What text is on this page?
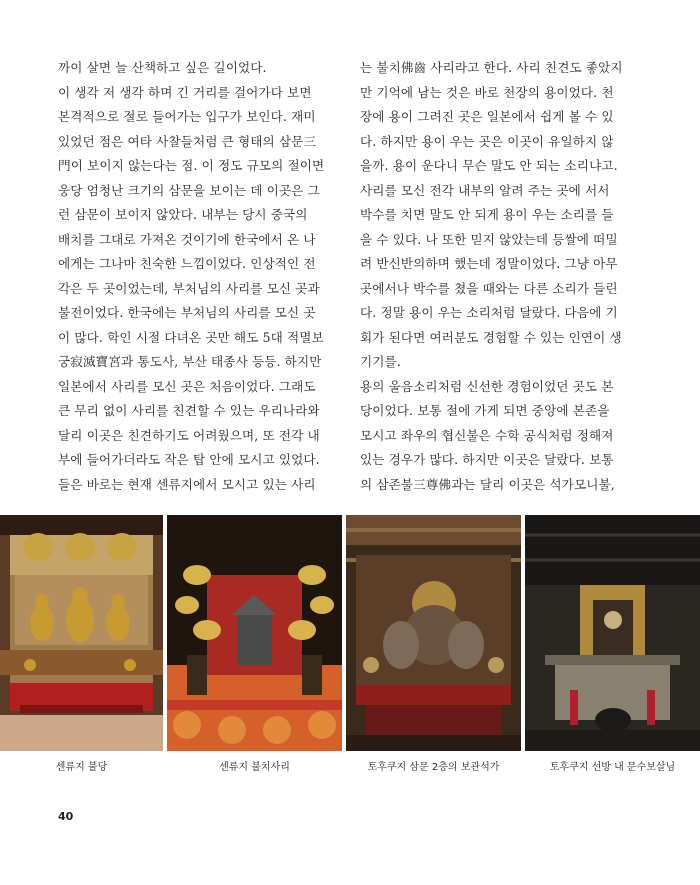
까이 살면 늘 산책하고 싶은 길이었다.
이 생각 저 생각 하며 긴 거리를 걸어가다 보면
본격적으로 절로 들어가는 입구가 보인다. 재미
있었던 점은 여타 사찰들처럼 큰 형태의 삼문三
門이 보이지 않는다는 점. 이 정도 규모의 절이면
웅당 엄청난 크기의 삼문을 보이는 데 이곳은 그
런 삼문이 보이지 않았다. 내부는 당시 중국의
배치를 그대로 가져온 것이기에 한국에서 온 나
에게는 그나마 친숙한 느낌이었다. 인상적인 전
각은 두 곳이었는데, 부처님의 사리를 모신 곳과
불전이었다. 한국에는 부처님의 사리를 모신 곳
이 많다. 학인 시절 다녀온 곳만 해도 5대 적멸보
궁寂滅寶宮과 통도사, 부산 태종사 등등. 하지만
일본에서 사리를 모신 곳은 처음이었다. 그래도
큰 무리 없이 사리를 친견할 수 있는 우리나라와
달리 이곳은 친견하기도 어려웠으며, 또 전각 내
부에 들어가더라도 작은 탑 안에 모시고 있었다.
들은 바로는 현재 센류지에서 모시고 있는 사리
는 불치佛齒 사리라고 한다. 사리 친견도 좋았지
만 기억에 남는 것은 바로 천장의 용이었다. 천
장에 용이 그려진 곳은 일본에서 쉽게 볼 수 있
다. 하지만 용이 우는 곳은 이곳이 유일하지 않
을까. 용이 운다니 무슨 말도 안 되는 소리냐고.
사리를 모신 전각 내부의 알려 주는 곳에 서서
박수를 치면 말도 안 되게 용이 우는 소리를 들
을 수 있다. 나 또한 믿지 않았는데 등쌀에 떠밀
려 반신반의하며 했는데 정말이었다. 그냥 아무
곳에서나 박수를 쳤을 때와는 다른 소리가 들린
다. 정말 용이 우는 소리처럼 달랐다. 다음에 기
회가 된다면 여러분도 경험할 수 있는 인연이 생
기기를.
용의 울음소리처럼 신선한 경험이었던 곳도 본
당이었다. 보통 절에 가게 되면 중앙에 본존을
모시고 좌우의 협신불은 수학 공식처럼 정해져
있는 경우가 많다. 하지만 이곳은 달랐다. 보통
의 삼존불三尊佛과는 달리 이곳은 석가모니불,
센류지 불당	센류지 불치사리	토후쿠지 삼문 2층의 보관석가	토후쿠지 선방 내 문수보살님
40
